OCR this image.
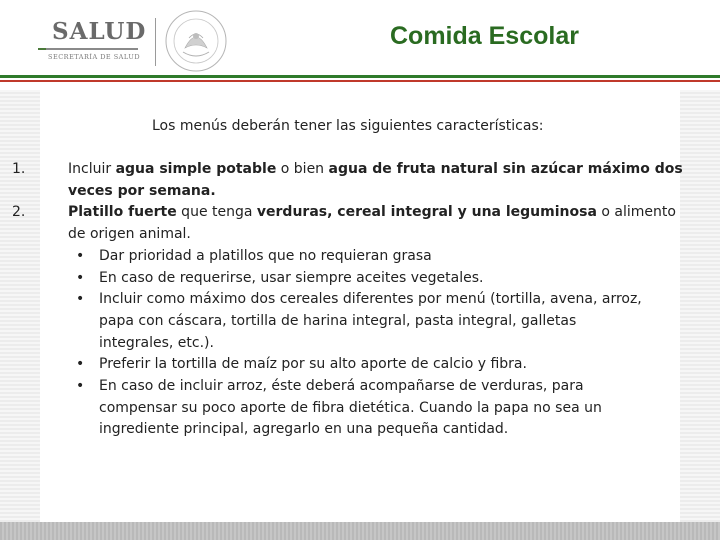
SALUD
SECRETARÍA DE SALUD
Comida Escolar
Los menús deberán tener las siguientes características:
1.	Incluir agua simple potable o bien agua de fruta natural sin azúcar máximo dos
veces por semana.
2.	Platillo fuerte que tenga verduras, cereal integral y una leguminosa o alimento
de origen animal.
• Dar prioridad a platillos que no requieran grasa
• En caso de requerirse, usar siempre aceites vegetales.
• Incluir como máximo dos cereales diferentes por menú (tortilla, avena, arroz,
papa con cáscara, tortilla de harina integral, pasta integral, galletas
integrales, etc.).
• Preferir la tortilla de maíz por su alto aporte de calcio y fibra.
• En caso de incluir arroz, éste deberá acompañarse de verduras, para
compensar su poco aporte de fibra dietética. Cuando la papa no sea un
ingrediente principal, agregarlo en una pequeña cantidad.
